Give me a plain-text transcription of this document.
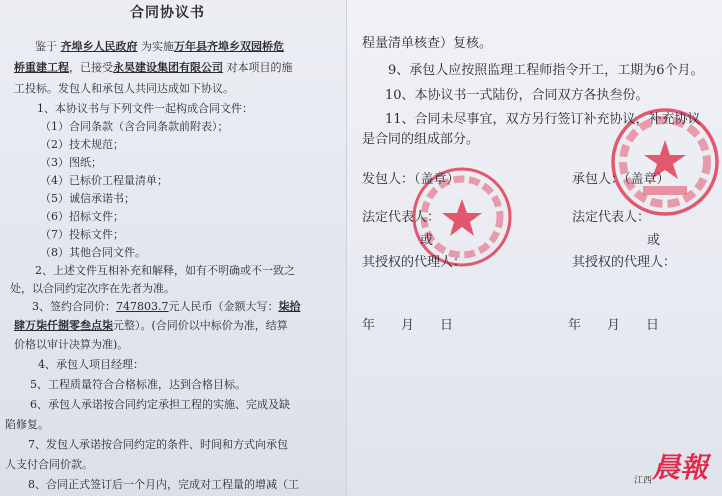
合同协议书
鉴于 齐埠乡人民政府 为实施万年县齐埠乡双园桥危
桥重建工程，已接受永昊建设集团有限公司 对本项目的施
工投标。发包人和承包人共同达成如下协议。
1、本协议书与下列文件一起构成合同文件：
（1）合同条款（含合同条款前附表）；
（2）技术规范；
（3）图纸；
（4）已标价工程量清单；
（5）诚信承诺书；
（6）招标文件；
（7）投标文件；
（8）其他合同文件。
2、上述文件互相补充和解释，如有不明确或不一致之
处，以合同约定次序在先者为准。
3、签约合同价：747803.7元人民币（金额大写：柒拾
肆万柒仟捌零叁点柒元整）。(合同价以中标价为准，结算
价格以审计决算为准)。
4、承包人项目经理：
5、工程质量符合合格标准，达到合格目标。
6、承包人承诺按合同约定承担工程的实施、完成及缺
陷修复。
7、发包人承诺按合同约定的条件、时间和方式向承包
人支付合同价款。
8、合同正式签订后一个月内，完成对工程量的增减（工
程量清单核查）复核。
9、承包人应按照监理工程师指令开工，工期为6个月。
10、本协议书一式陆份，合同双方各执叁份。
11、合同未尽事宜，双方另行签订补充协议，补充协议
是合同的组成部分。
发包人：（盖章）
法定代表人：
或
其授权的代理人：
年　　月　　日
承包人：（盖章）
法定代表人：
或
其授权的代理人：
年　　月　　日
江西晨報
